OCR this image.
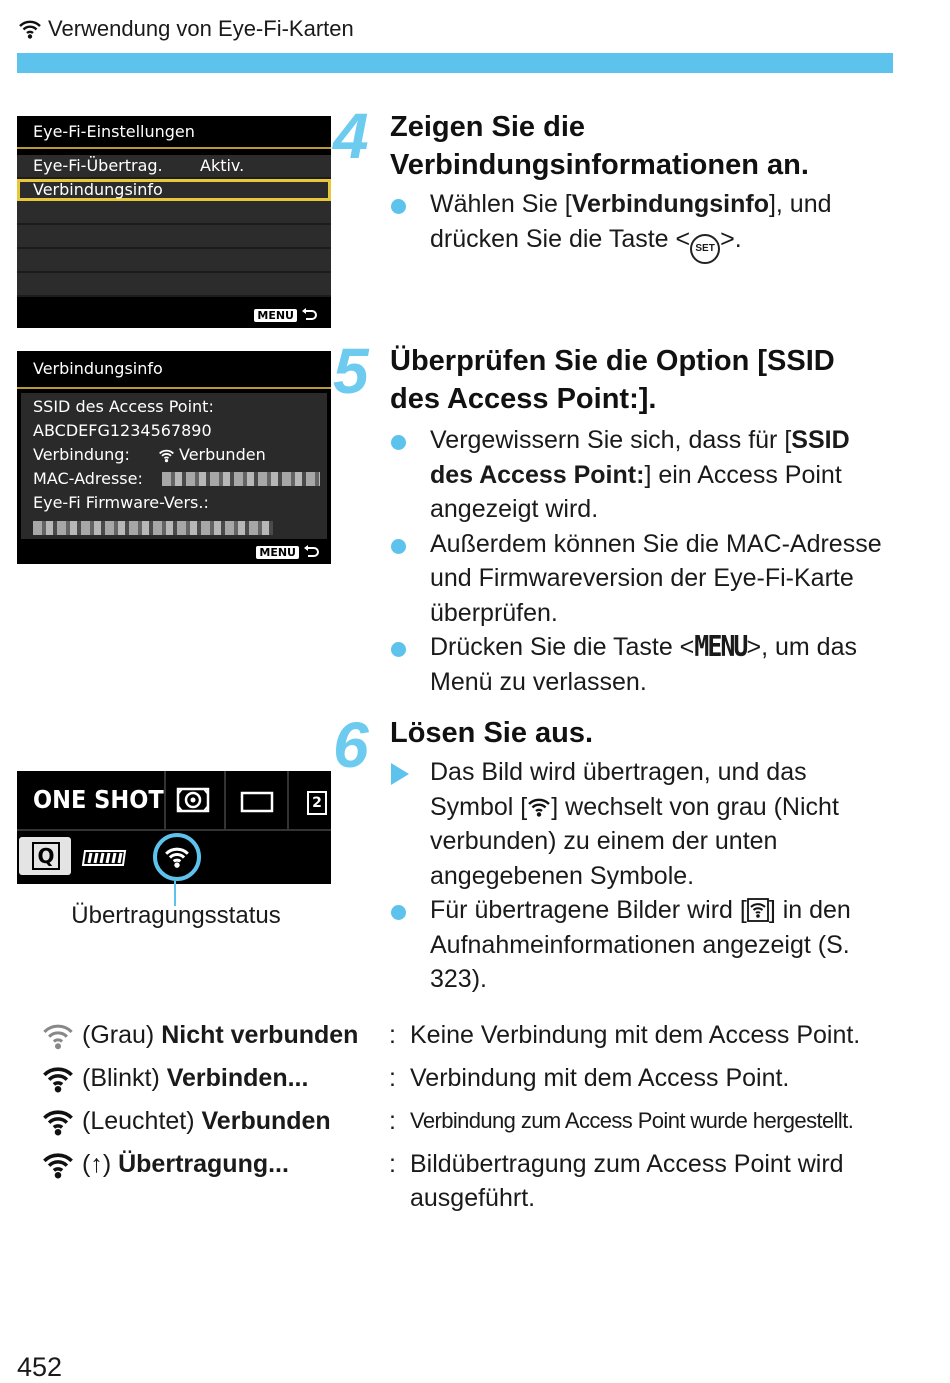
Verwendung von Eye-Fi-Karten
Eye-Fi-Einstellungen
Eye-Fi-Übertrag. Aktiv.
Verbindungsinfo
MENU
Verbindungsinfo
SSID des Access Point:
ABCDEFG1234567890
Verbindung:	Verbunden
MAC-Adresse:
Eye-Fi Firmware-Vers.:
MENU
ONE SHOT	2
Q
Übertragungsstatus
4 Zeigen Sie die Verbindungsinformationen an.
Wählen Sie [Verbindungsinfo], und drücken Sie die Taste < SET >.
5 Überprüfen Sie die Option [SSID des Access Point:].
Vergewissern Sie sich, dass für [SSID des Access Point:] ein Access Point angezeigt wird.
Außerdem können Sie die MAC-Adresse und Firmwareversion der Eye-Fi-Karte überprüfen.
Drücken Sie die Taste <MENU>, um das Menü zu verlassen.
6 Lösen Sie aus.
Das Bild wird übertragen, und das Symbol [ ] wechselt von grau (Nicht verbunden) zu einem der unten angegebenen Symbole.
Für übertragene Bilder wird [ ] in den Aufnahmeinformationen angezeigt (S. 323).
(Grau) Nicht verbunden : Keine Verbindung mit dem Access Point.
(Blinkt) Verbinden...	: Verbindung mit dem Access Point.
(Leuchtet) Verbunden : Verbindung zum Access Point wurde hergestellt.
(↑) Übertragung...	: Bildübertragung zum Access Point wird ausgeführt.
452
